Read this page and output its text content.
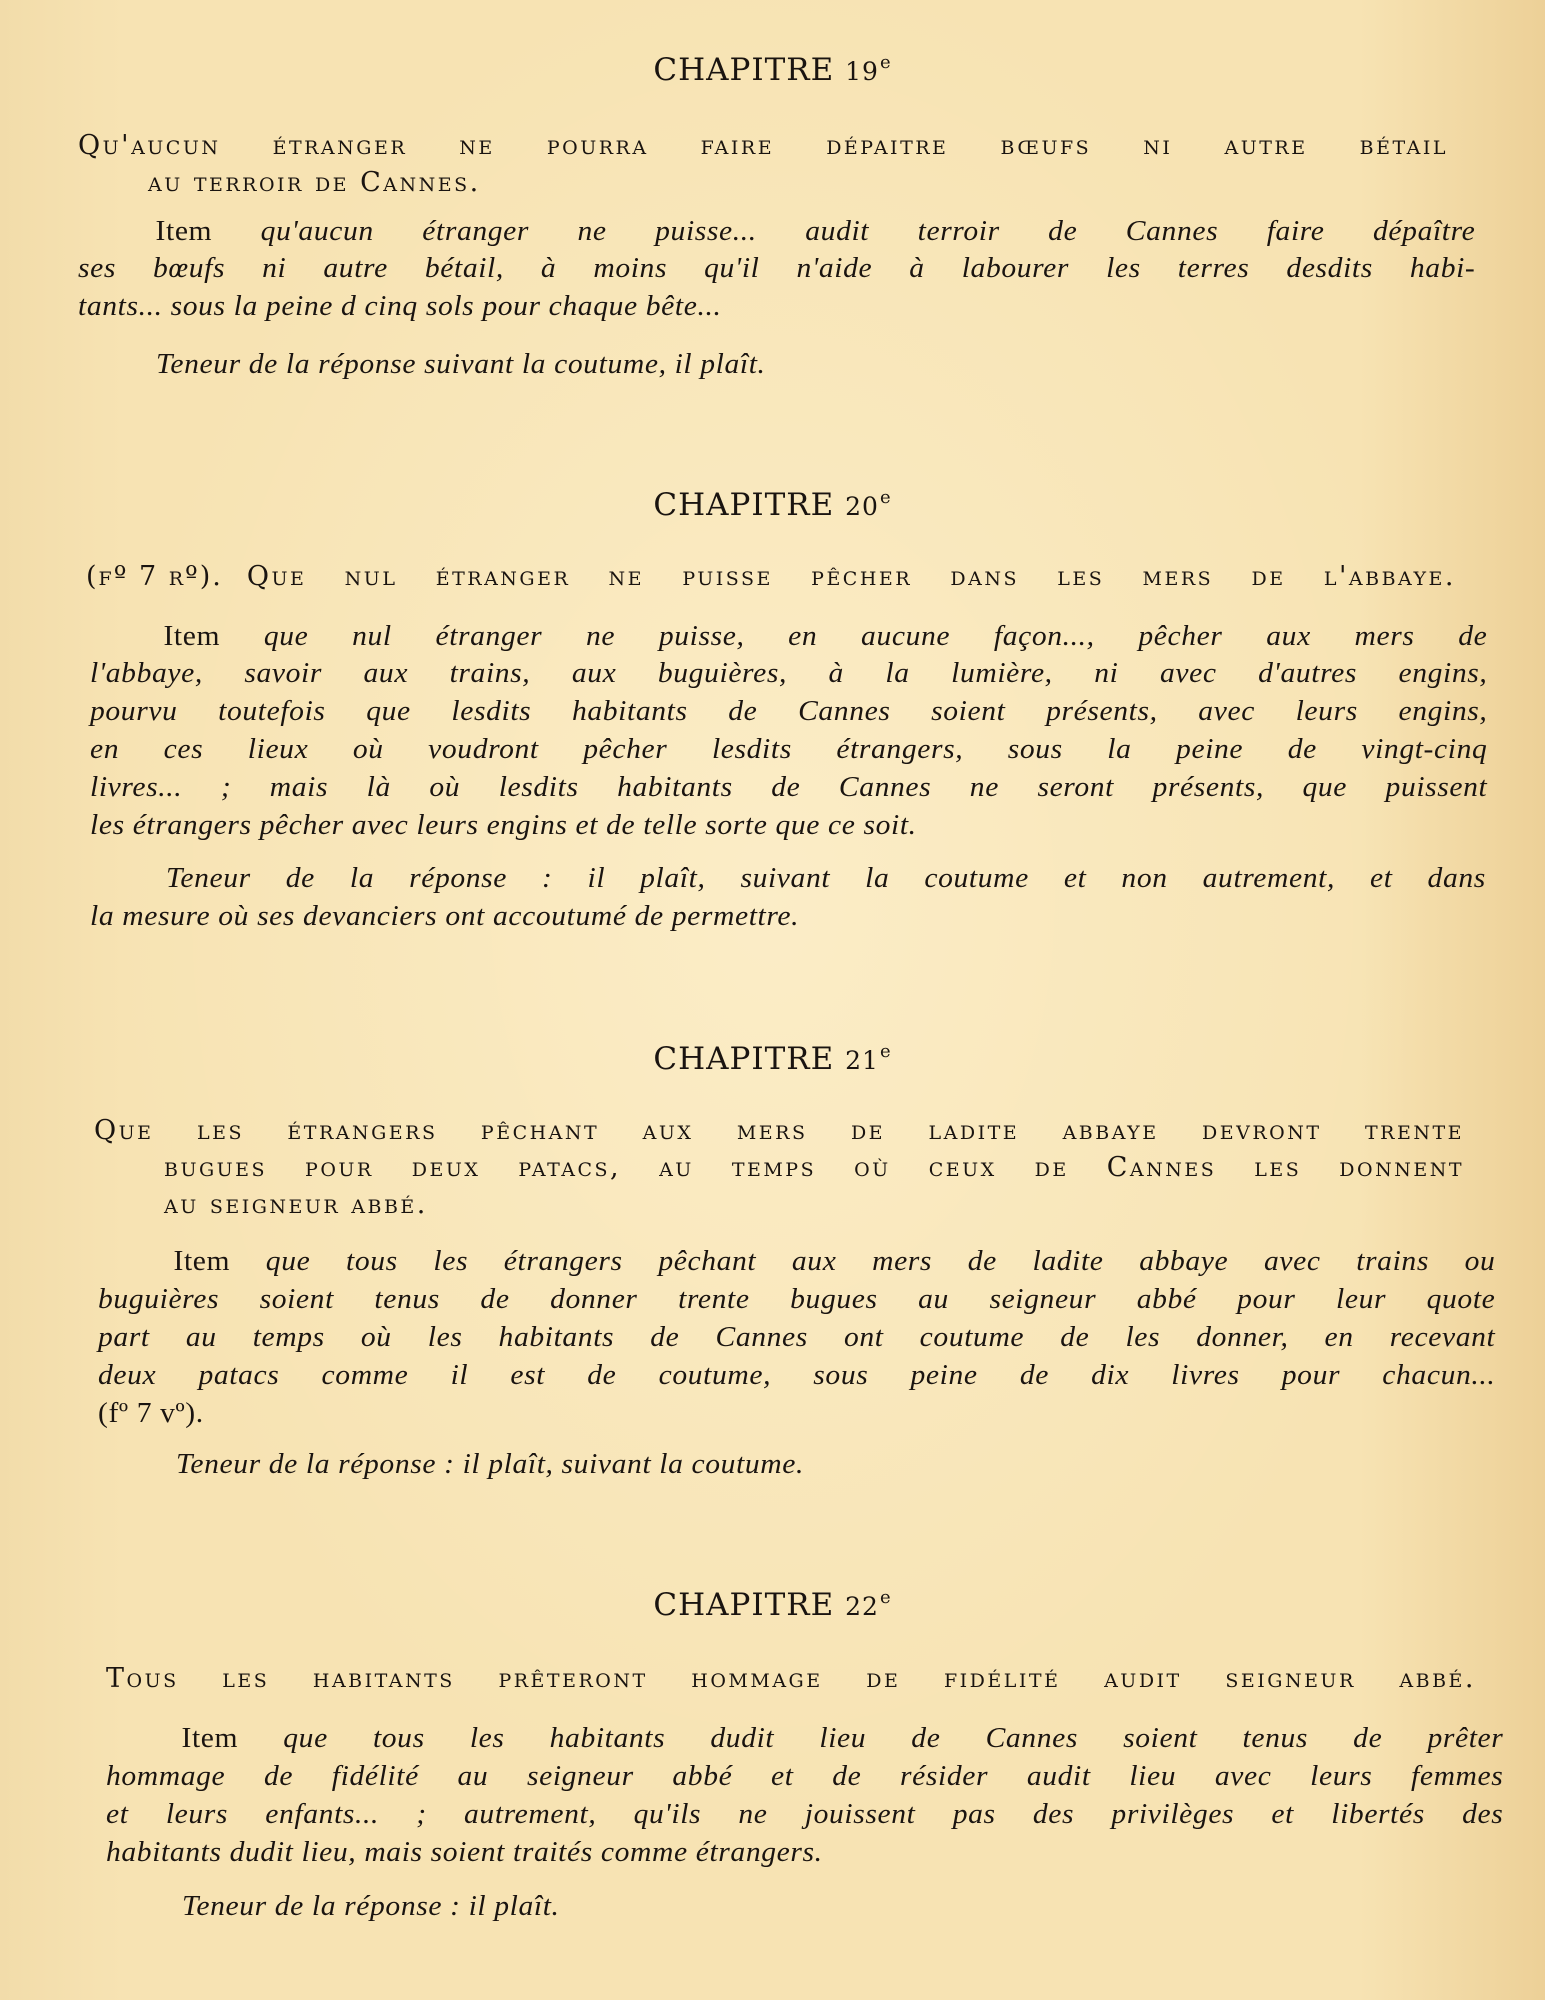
CHAPITRE 19e
Qu'aucun étranger ne pourra faire dépaitre bœufs ni autre bétail
au terroir de Cannes.
Item qu'aucun étranger ne puisse... audit terroir de Cannes faire dépaître
ses bœufs ni autre bétail, à moins qu'il n'aide à labourer les terres desdits habi-
tants... sous la peine d cinq sols pour chaque bête...
Teneur de la réponse suivant la coutume, il plaît.
CHAPITRE 20e
(fº 7 rº). Que nul étranger ne puisse pêcher dans les mers de l'abbaye.
Item que nul étranger ne puisse, en aucune façon..., pêcher aux mers de
l'abbaye, savoir aux trains, aux buguières, à la lumière, ni avec d'autres engins,
pourvu toutefois que lesdits habitants de Cannes soient présents, avec leurs engins,
en ces lieux où voudront pêcher lesdits étrangers, sous la peine de vingt-cinq
livres... ; mais là où lesdits habitants de Cannes ne seront présents, que puissent
les étrangers pêcher avec leurs engins et de telle sorte que ce soit.
Teneur de la réponse : il plaît, suivant la coutume et non autrement, et dans
la mesure où ses devanciers ont accoutumé de permettre.
CHAPITRE 21e
Que les étrangers pêchant aux mers de ladite abbaye devront trente
bugues pour deux patacs, au temps où ceux de Cannes les donnent
au seigneur abbé.
Item que tous les étrangers pêchant aux mers de ladite abbaye avec trains ou
buguières soient tenus de donner trente bugues au seigneur abbé pour leur quote
part au temps où les habitants de Cannes ont coutume de les donner, en recevant
deux patacs comme il est de coutume, sous peine de dix livres pour chacun...
(fº 7 vº).
Teneur de la réponse : il plaît, suivant la coutume.
CHAPITRE 22e
Tous les habitants prêteront hommage de fidélité audit seigneur abbé.
Item que tous les habitants dudit lieu de Cannes soient tenus de prêter
hommage de fidélité au seigneur abbé et de résider audit lieu avec leurs femmes
et leurs enfants... ; autrement, qu'ils ne jouissent pas des privilèges et libertés des
habitants dudit lieu, mais soient traités comme étrangers.
Teneur de la réponse : il plaît.
